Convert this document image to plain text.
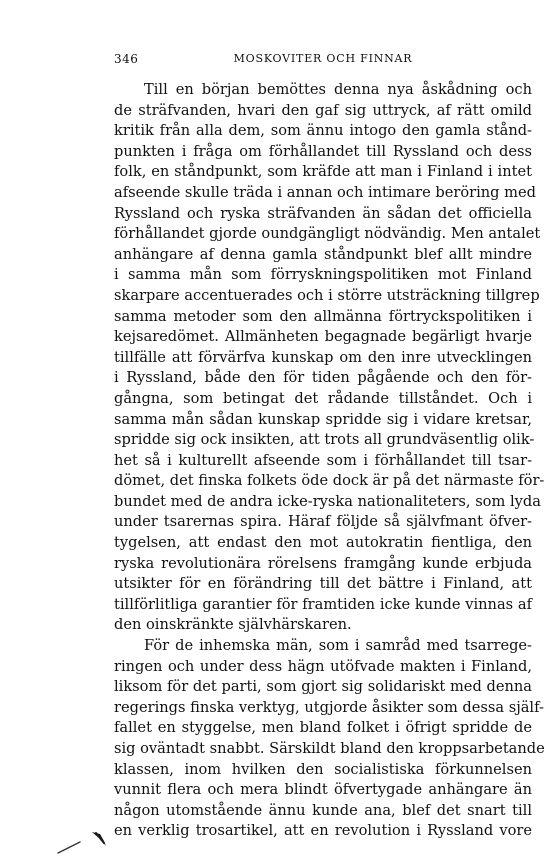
346	MOSKOVITER OCH FINNAR
Till en början bemöttes denna nya åskådning och
de sträfvanden, hvari den gaf sig uttryck, af rätt omild
kritik från alla dem, som ännu intogo den gamla stånd-
punkten i fråga om förhållandet till Ryssland och dess
folk, en ståndpunkt, som kräfde att man i Finland i intet
afseende skulle träda i annan och intimare beröring med
Ryssland och ryska sträfvanden än sådan det officiella
förhållandet gjorde oundgängligt nödvändig. Men antalet
anhängare af denna gamla ståndpunkt blef allt mindre
i samma mån som förryskningspolitiken mot Finland
skarpare accentuerades och i större utsträckning tillgrep
samma metoder som den allmänna förtryckspolitiken i
kejsaredömet. Allmänheten begagnade begärligt hvarje
tillfälle att förvärfva kunskap om den inre utvecklingen
i Ryssland, både den för tiden pågående och den för-
gångna, som betingat det rådande tillståndet. Och i
samma mån sådan kunskap spridde sig i vidare kretsar,
spridde sig ock insikten, att trots all grundväsentlig olik-
het så i kulturellt afseende som i förhållandet till tsar-
dömet, det finska folkets öde dock är på det närmaste för-
bundet med de andra icke-ryska nationaliteters, som lyda
under tsarernas spira. Häraf följde så självfmant öfver-
tygelsen, att endast den mot autokratin fientliga, den
ryska revolutionära rörelsens framgång kunde erbjuda
utsikter för en förändring till det bättre i Finland, att
tillförlitliga garantier för framtiden icke kunde vinnas af
den oinskränkte självhärskaren.
För de inhemska män, som i samråd med tsarrege-
ringen och under dess hägn utöfvade makten i Finland,
liksom för det parti, som gjort sig solidariskt med denna
regerings finska verktyg, utgjorde åsikter som dessa själf-
fallet en styggelse, men bland folket i öfrigt spridde de
sig oväntadt snabbt. Särskildt bland den kroppsarbetande
klassen, inom hvilken den socialistiska förkunnelsen
vunnit flera och mera blindt öfvertygade anhängare än
någon utomstående ännu kunde ana, blef det snart till
en verklig trosartikel, att en revolution i Ryssland vore
